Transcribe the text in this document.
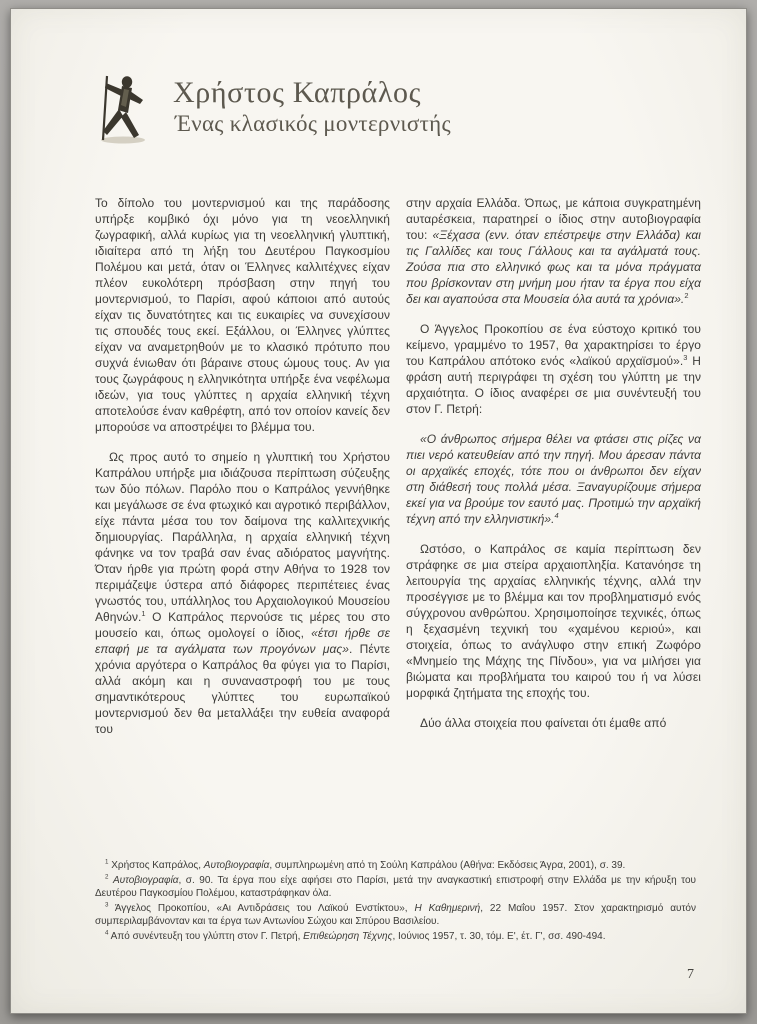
Χρήστος Καπράλος
Ένας κλασικός μοντερνιστής

Το δίπολο του μοντερνισμού και της παράδοσης υπήρξε κομβικό όχι μόνο για τη νεοελληνική ζωγραφική, αλλά κυρίως για τη νεοελληνική γλυπτική, ιδιαίτερα από τη λήξη του Δευτέρου Παγκοσμίου Πολέμου και μετά, όταν οι Έλληνες καλλιτέχνες είχαν πλέον ευκολότερη πρόσβαση στην πηγή του μοντερνισμού, το Παρίσι, αφού κάποιοι από αυτούς είχαν τις δυνατότητες και τις ευκαιρίες να συνεχίσουν τις σπουδές τους εκεί. Εξάλλου, οι Έλληνες γλύπτες είχαν να αναμετρηθούν με το κλασικό πρότυπο που συχνά ένιωθαν ότι βάραινε στους ώμους τους. Αν για τους ζωγράφους η ελληνικότητα υπήρξε ένα νεφέλωμα ιδεών, για τους γλύπτες η αρχαία ελληνική τέχνη αποτελούσε έναν καθρέφτη, από τον οποίον κανείς δεν μπορούσε να αποστρέψει το βλέμμα του.

Ως προς αυτό το σημείο η γλυπτική του Χρήστου Καπράλου υπήρξε μια ιδιάζουσα περίπτωση σύζευξης των δύο πόλων. Παρόλο που ο Καπράλος γεννήθηκε και μεγάλωσε σε ένα φτωχικό και αγροτικό περιβάλλον, είχε πάντα μέσα του τον δαίμονα της καλλιτεχνικής δημιουργίας. Παράλληλα, η αρχαία ελληνική τέχνη φάνηκε να τον τραβά σαν ένας αδιόρατος μαγνήτης. Όταν ήρθε για πρώτη φορά στην Αθήνα το 1928 τον περιμάζεψε ύστερα από διάφορες περιπέτειες ένας γνωστός του, υπάλληλος του Αρχαιολογικού Μουσείου Αθηνών.$^1$ Ο Καπράλος περνούσε τις μέρες του στο μουσείο και, όπως ομολογεί ο ίδιος, «έτσι ήρθε σε επαφή με τα αγάλματα των προγόνων μας». Πέντε χρόνια αργότερα ο Καπράλος θα φύγει για το Παρίσι, αλλά ακόμη και η συναναστροφή του με τους σημαντικότερους γλύπτες του ευρωπαϊκού μοντερνισμού δεν θα μεταλλάξει την ευθεία αναφορά του

στην αρχαία Ελλάδα. Όπως, με κάποια συγκρατημένη αυταρέσκεια, παρατηρεί ο ίδιος στην αυτοβιογραφία του: «Ξέχασα (ενν. όταν επέστρεψε στην Ελλάδα) και τις Γαλλίδες και τους Γάλλους και τα αγάλματά τους. Ζούσα πια στο ελληνικό φως και τα μόνα πράγματα που βρίσκονταν στη μνήμη μου ήταν τα έργα που είχα δει και αγαπούσα στα Μουσεία όλα αυτά τα χρόνια».$^2$

Ο Άγγελος Προκοπίου σε ένα εύστοχο κριτικό του κείμενο, γραμμένο το 1957, θα χαρακτηρίσει το έργο του Καπράλου απότοκο ενός «λαϊκού αρχαϊσμού».$^3$ Η φράση αυτή περιγράφει τη σχέση του γλύπτη με την αρχαιότητα. Ο ίδιος αναφέρει σε μια συνέντευξή του στον Γ. Πετρή:

«Ο άνθρωπος σήμερα θέλει να φτάσει στις ρίζες να πιει νερό κατευθείαν από την πηγή. Μου άρεσαν πάντα οι αρχαϊκές εποχές, τότε που οι άνθρωποι δεν είχαν στη διάθεσή τους πολλά μέσα. Ξαναγυρίζουμε σήμερα εκεί για να βρούμε τον εαυτό μας. Προτιμώ την αρχαϊκή τέχνη από την ελληνιστική».$^4$

Ωστόσο, ο Καπράλος σε καμία περίπτωση δεν στράφηκε σε μια στείρα αρχαιοπληξία. Κατανόησε τη λειτουργία της αρχαίας ελληνικής τέχνης, αλλά την προσέγγισε με το βλέμμα και τον προβληματισμό ενός σύγχρονου ανθρώπου. Χρησιμοποίησε τεχνικές, όπως η ξεχασμένη τεχνική του «χαμένου κεριού», και στοιχεία, όπως το ανάγλυφο στην επική Ζωφόρο «Μνημείο της Μάχης της Πίνδου», για να μιλήσει για βιώματα και προβλήματα του καιρού του ή να λύσει μορφικά ζητήματα της εποχής του.

Δύο άλλα στοιχεία που φαίνεται ότι έμαθε από

$^1$ Χρήστος Καπράλος, Αυτοβιογραφία, συμπληρωμένη από τη Σούλη Καπράλου (Αθήνα: Εκδόσεις Άγρα, 2001), σ. 39.

$^2$ Αυτοβιογραφία, σ. 90. Τα έργα που είχε αφήσει στο Παρίσι, μετά την αναγκαστική επιστροφή στην Ελλάδα με την κήρυξη του Δευτέρου Παγκοσμίου Πολέμου, καταστράφηκαν όλα.

$^3$ Άγγελος Προκοπίου, «Αι Αντιδράσεις του Λαϊκού Ενστίκτου», Η Καθημερινή, 22 Μαΐου 1957. Στον χαρακτηρισμό αυτόν συμπεριλαμβάνονταν και τα έργα των Αντωνίου Σώχου και Σπύρου Βασιλείου.

$^4$ Από συνέντευξη του γλύπτη στον Γ. Πετρή, Επιθεώρηση Τέχνης, Ιούνιος 1957, τ. 30, τόμ. Ε', έτ. Γ', σσ. 490-494.

7
